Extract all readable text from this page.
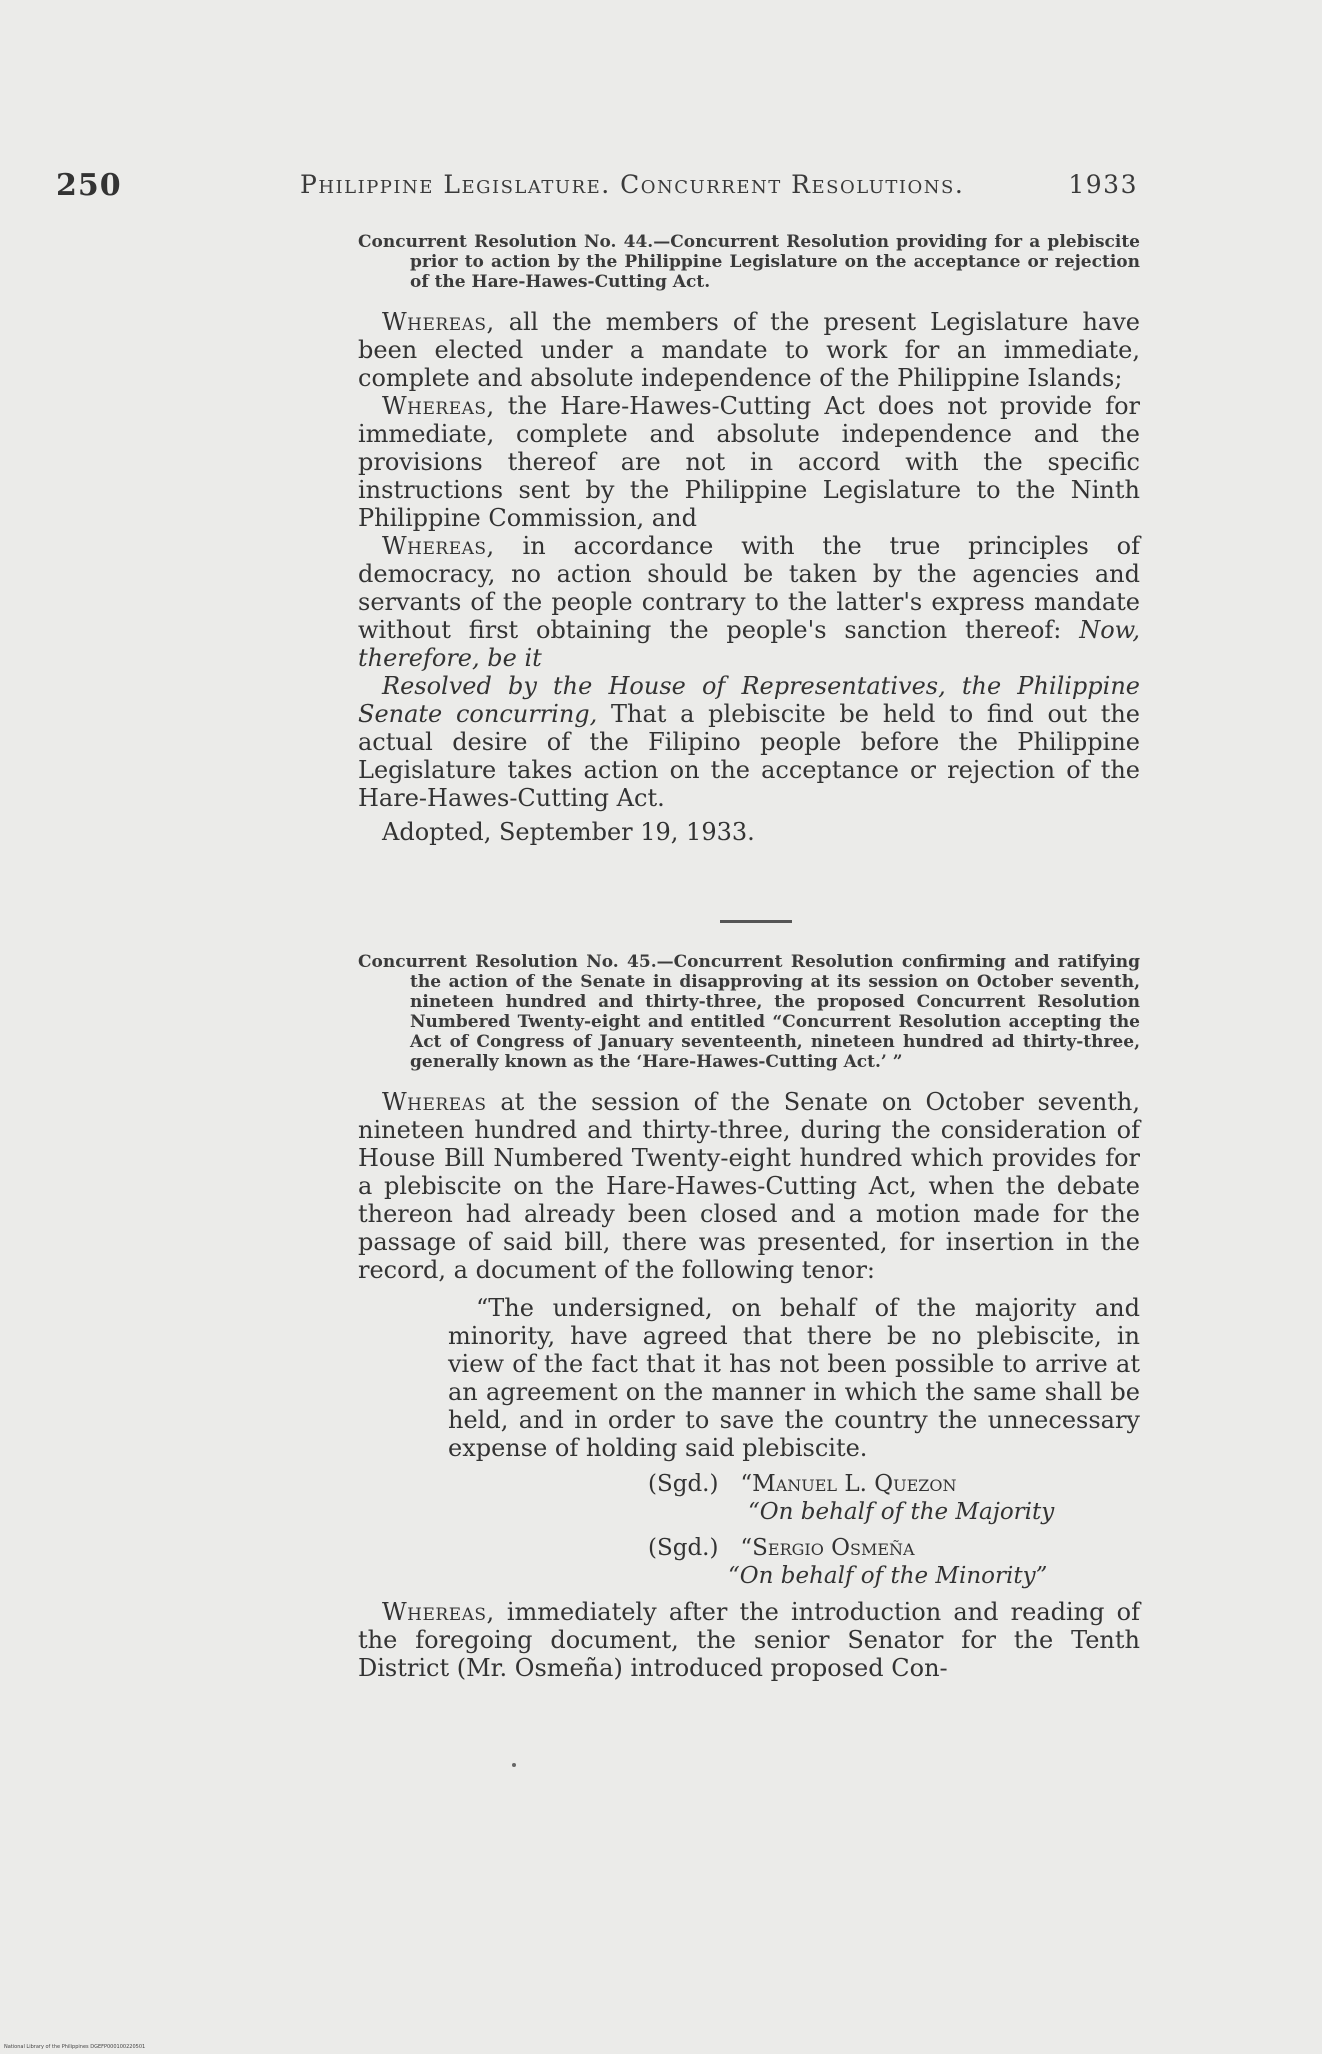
250	Philippine Legislature. Concurrent Resolutions.	1933
Concurrent Resolution No. 44.—Concurrent Resolution providing for a plebiscite prior to action by the Philippine Legislature on the acceptance or rejection of the Hare-Hawes-Cutting Act.

Whereas, all the members of the present Legislature have been elected under a mandate to work for an immediate, complete and absolute independence of the Philippine Islands;

Whereas, the Hare-Hawes-Cutting Act does not provide for immediate, complete and absolute independence and the provisions thereof are not in accord with the specific instructions sent by the Philippine Legislature to the Ninth Philippine Commission, and

Whereas, in accordance with the true principles of democracy, no action should be taken by the agencies and servants of the people contrary to the latter's express mandate without first obtaining the people's sanction thereof: Now, therefore, be it

Resolved by the House of Representatives, the Philippine Senate concurring, That a plebiscite be held to find out the actual desire of the Filipino people before the Philippine Legislature takes action on the acceptance or rejection of the Hare-Hawes-Cutting Act.

Adopted, September 19, 1933.

Concurrent Resolution No. 45.—Concurrent Resolution confirming and ratifying the action of the Senate in disapproving at its session on October seventh, nineteen hundred and thirty-three, the proposed Concurrent Resolution Numbered Twenty-eight and entitled “Concurrent Resolution accepting the Act of Congress of January seventeenth, nineteen hundred ad thirty-three, generally known as the ‘Hare-Hawes-Cutting Act.’ ”

Whereas at the session of the Senate on October seventh, nineteen hundred and thirty-three, during the consideration of House Bill Numbered Twenty-eight hundred which provides for a plebiscite on the Hare-Hawes-Cutting Act, when the debate thereon had already been closed and a motion made for the passage of said bill, there was presented, for insertion in the record, a document of the following tenor:

“The undersigned, on behalf of the majority and minority, have agreed that there be no plebiscite, in view of the fact that it has not been possible to arrive at an agreement on the manner in which the same shall be held, and in order to save the country the unnecessary expense of holding said plebiscite.

(Sgd.) “Manuel L. Quezon
“On behalf of the Majority
(Sgd.) “Sergio Osmeña
“On behalf of the Minority”

Whereas, immediately after the introduction and reading of the foregoing document, the senior Senator for the Tenth District (Mr. Osmeña) introduced proposed Con-

National Library of the Philippines DGEFP000100220501
